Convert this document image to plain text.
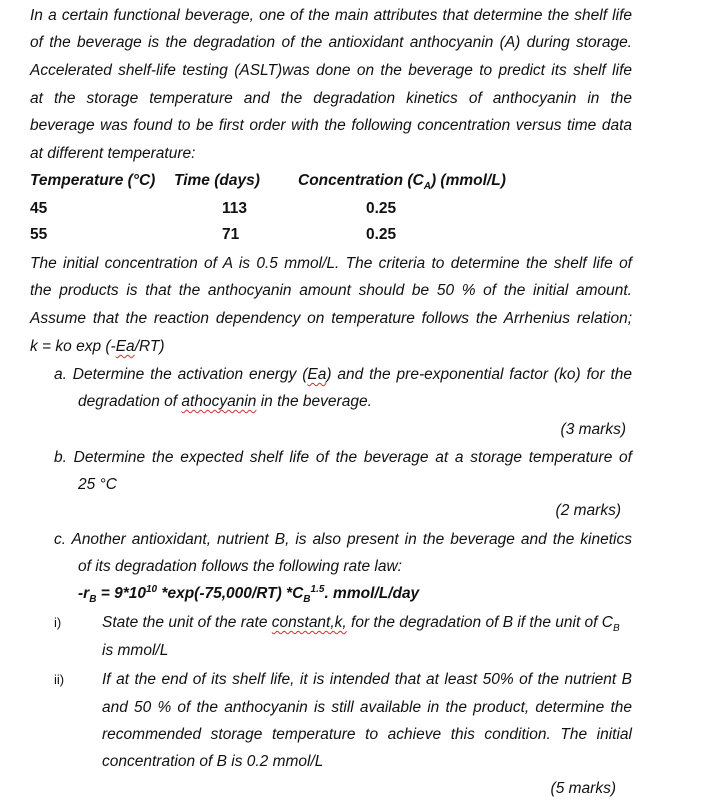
In a certain functional beverage, one of the main attributes that determine the shelf life
of the beverage is the degradation of the antioxidant anthocyanin (A) during storage.
Accelerated shelf-life testing (ASLT)was done on the beverage to predict its shelf life
at the storage temperature and the degradation kinetics of anthocyanin in the
beverage was found to be first order with the following concentration versus time data
at different temperature:
Temperature (°C) Time (days) Concentration $(C_A)$ (mmol/L)
45	113	0.25
55	71	0.25
The initial concentration of A is 0.5 mmol/L. The criteria to determine the shelf life of
the products is that the anthocyanin amount should be 50 % of the initial amount.
Assume that the reaction dependency on temperature follows the Arrhenius relation;
k = ko exp (-Ea/RT)
a. Determine the activation energy (Ea) and the pre-exponential factor (ko) for the
degradation of athocyanin in the beverage.
(3 marks)
b. Determine the expected shelf life of the beverage at a storage temperature of
25 °C
(2 marks)
c. Another antioxidant, nutrient B, is also present in the beverage and the kinetics
of its degradation follows the following rate law:
$-r_B = 9*10^{10}$ *exp(-75,000/RT) $*C_B^{1.5}$. mmol/L/day
i)	State the unit of the rate constant,k, for the degradation of B if the unit of $C_B$
is mmol/L
ii) If at the end of its shelf life, it is intended that at least 50% of the nutrient B
and 50 % of the anthocyanin is still available in the product, determine the
recommended storage temperature to achieve this condition. The initial
concentration of B is 0.2 mmol/L
(5 marks)
